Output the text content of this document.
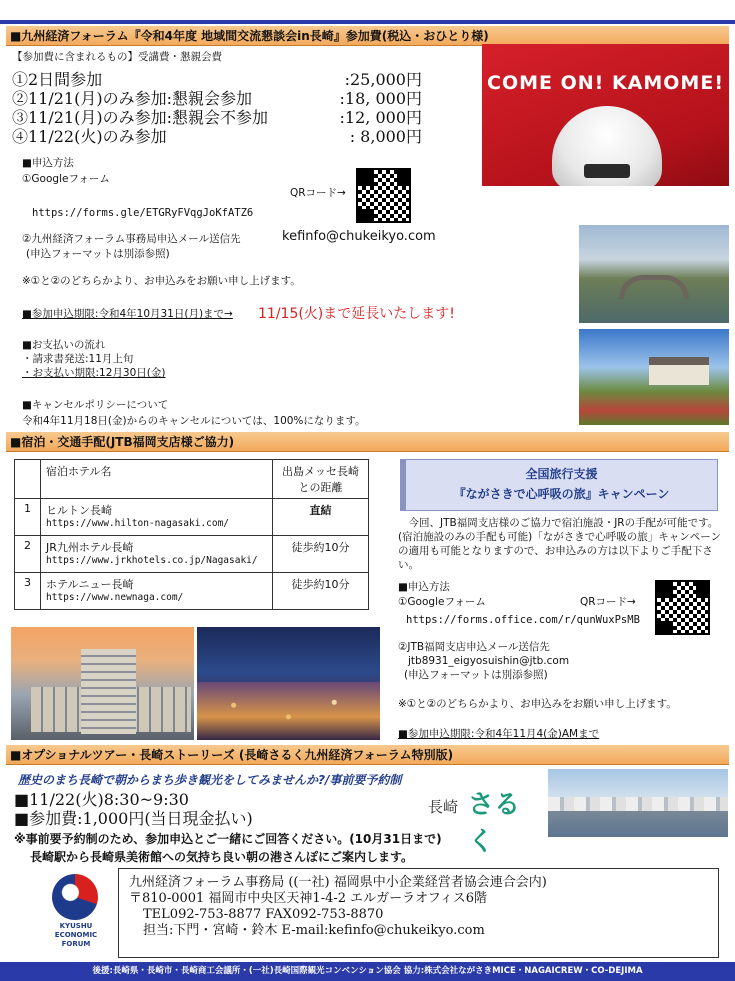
■九州経済フォーラム『令和4年度 地域間交流懇談会in長崎』参加費(税込・おひとり様)
【参加費に含まれるもの】受講費・懇親会費
①2日間参加	:25,000円
②11/21(月)のみ参加:懇親会参加	:18, 000円
③11/21(月)のみ参加:懇親会不参加	:12, 000円
④11/22(火)のみ参加	: 8,000円
■申込方法
①Googleフォーム
QRコード→
https://forms.gle/ETGRyFVqgJoKfATZ6
②九州経済フォーラム事務局申込メール送信先	kefinfo@chukeikyo.com
(申込フォーマットは別添参照)
※①と②のどちらかより、お申込みをお願い申し上げます。
■参加申込期限:令和4年10月31日(月)まで→ 11/15(火)まで延長いたします!
■お支払いの流れ
・請求書発送:11月上旬
・お支払い期限:12月30日(金)
■キャンセルポリシーについて
令和4年11月18日(金)からのキャンセルについては、100%になります。
COME ON! KAMOME!
■宿泊・交通手配(JTB福岡支店様ご協力)
	宿泊ホテル名	出島メッセ長崎との距離
1	ヒルトン長崎
https://www.hilton-nagasaki.com/	直結
2	JR九州ホテル長崎
https://www.jrkhotels.co.jp/Nagasaki/	徒歩約10分
3	ホテルニュー長崎
https://www.newnaga.com/	徒歩約10分
全国旅行支援
『ながさきで心呼吸の旅』キャンペーン
今回、JTB福岡支店様のご協力で宿泊施設・JRの手配が可能です。(宿泊施設のみの手配も可能)「ながさきで心呼吸の旅」キャンペーンの適用も可能となりますので、お申込みの方は以下よりご手配下さい。
■申込方法
①Googleフォーム	QRコード→
https://forms.office.com/r/qunWuxPsMB
②JTB福岡支店申込メール送信先
jtb8931_eigyosuishin@jtb.com
(申込フォーマットは別添参照)
※①と②のどちらかより、お申込みをお願い申し上げます。
■参加申込期限:令和4年11月4(金)AMまで
■オプショナルツアー・長崎ストーリーズ (長崎さるく九州経済フォーラム特別版)
歴史のまち長崎で朝からまち歩き観光をしてみませんか?/事前要予約制
■11/22(火)8:30~9:30
■参加費:1,000円(当日現金払い)
※事前要予約制のため、参加申込とご一緒にご回答ください。(10月31日まで)
長崎駅から長崎県美術館への気持ち良い朝の港さんぽにご案内します。
長崎 さるく
KYUSHU ECONOMIC FORUM
九州経済フォーラム事務局 ((一社) 福岡県中小企業経営者協会連合会内)
〒810-0001 福岡市中央区天神1-4-2 エルガーラオフィス6階
TEL092-753-8877 FAX092-753-8870
担当:下門・宮崎・鈴木 E-mail:kefinfo@chukeikyo.com
後援:長崎県・長崎市・長崎商工会議所・(一社)長崎国際観光コンベンション協会 協力:株式会社ながさきMICE・NAGAICREW・CO-DEJIMA
